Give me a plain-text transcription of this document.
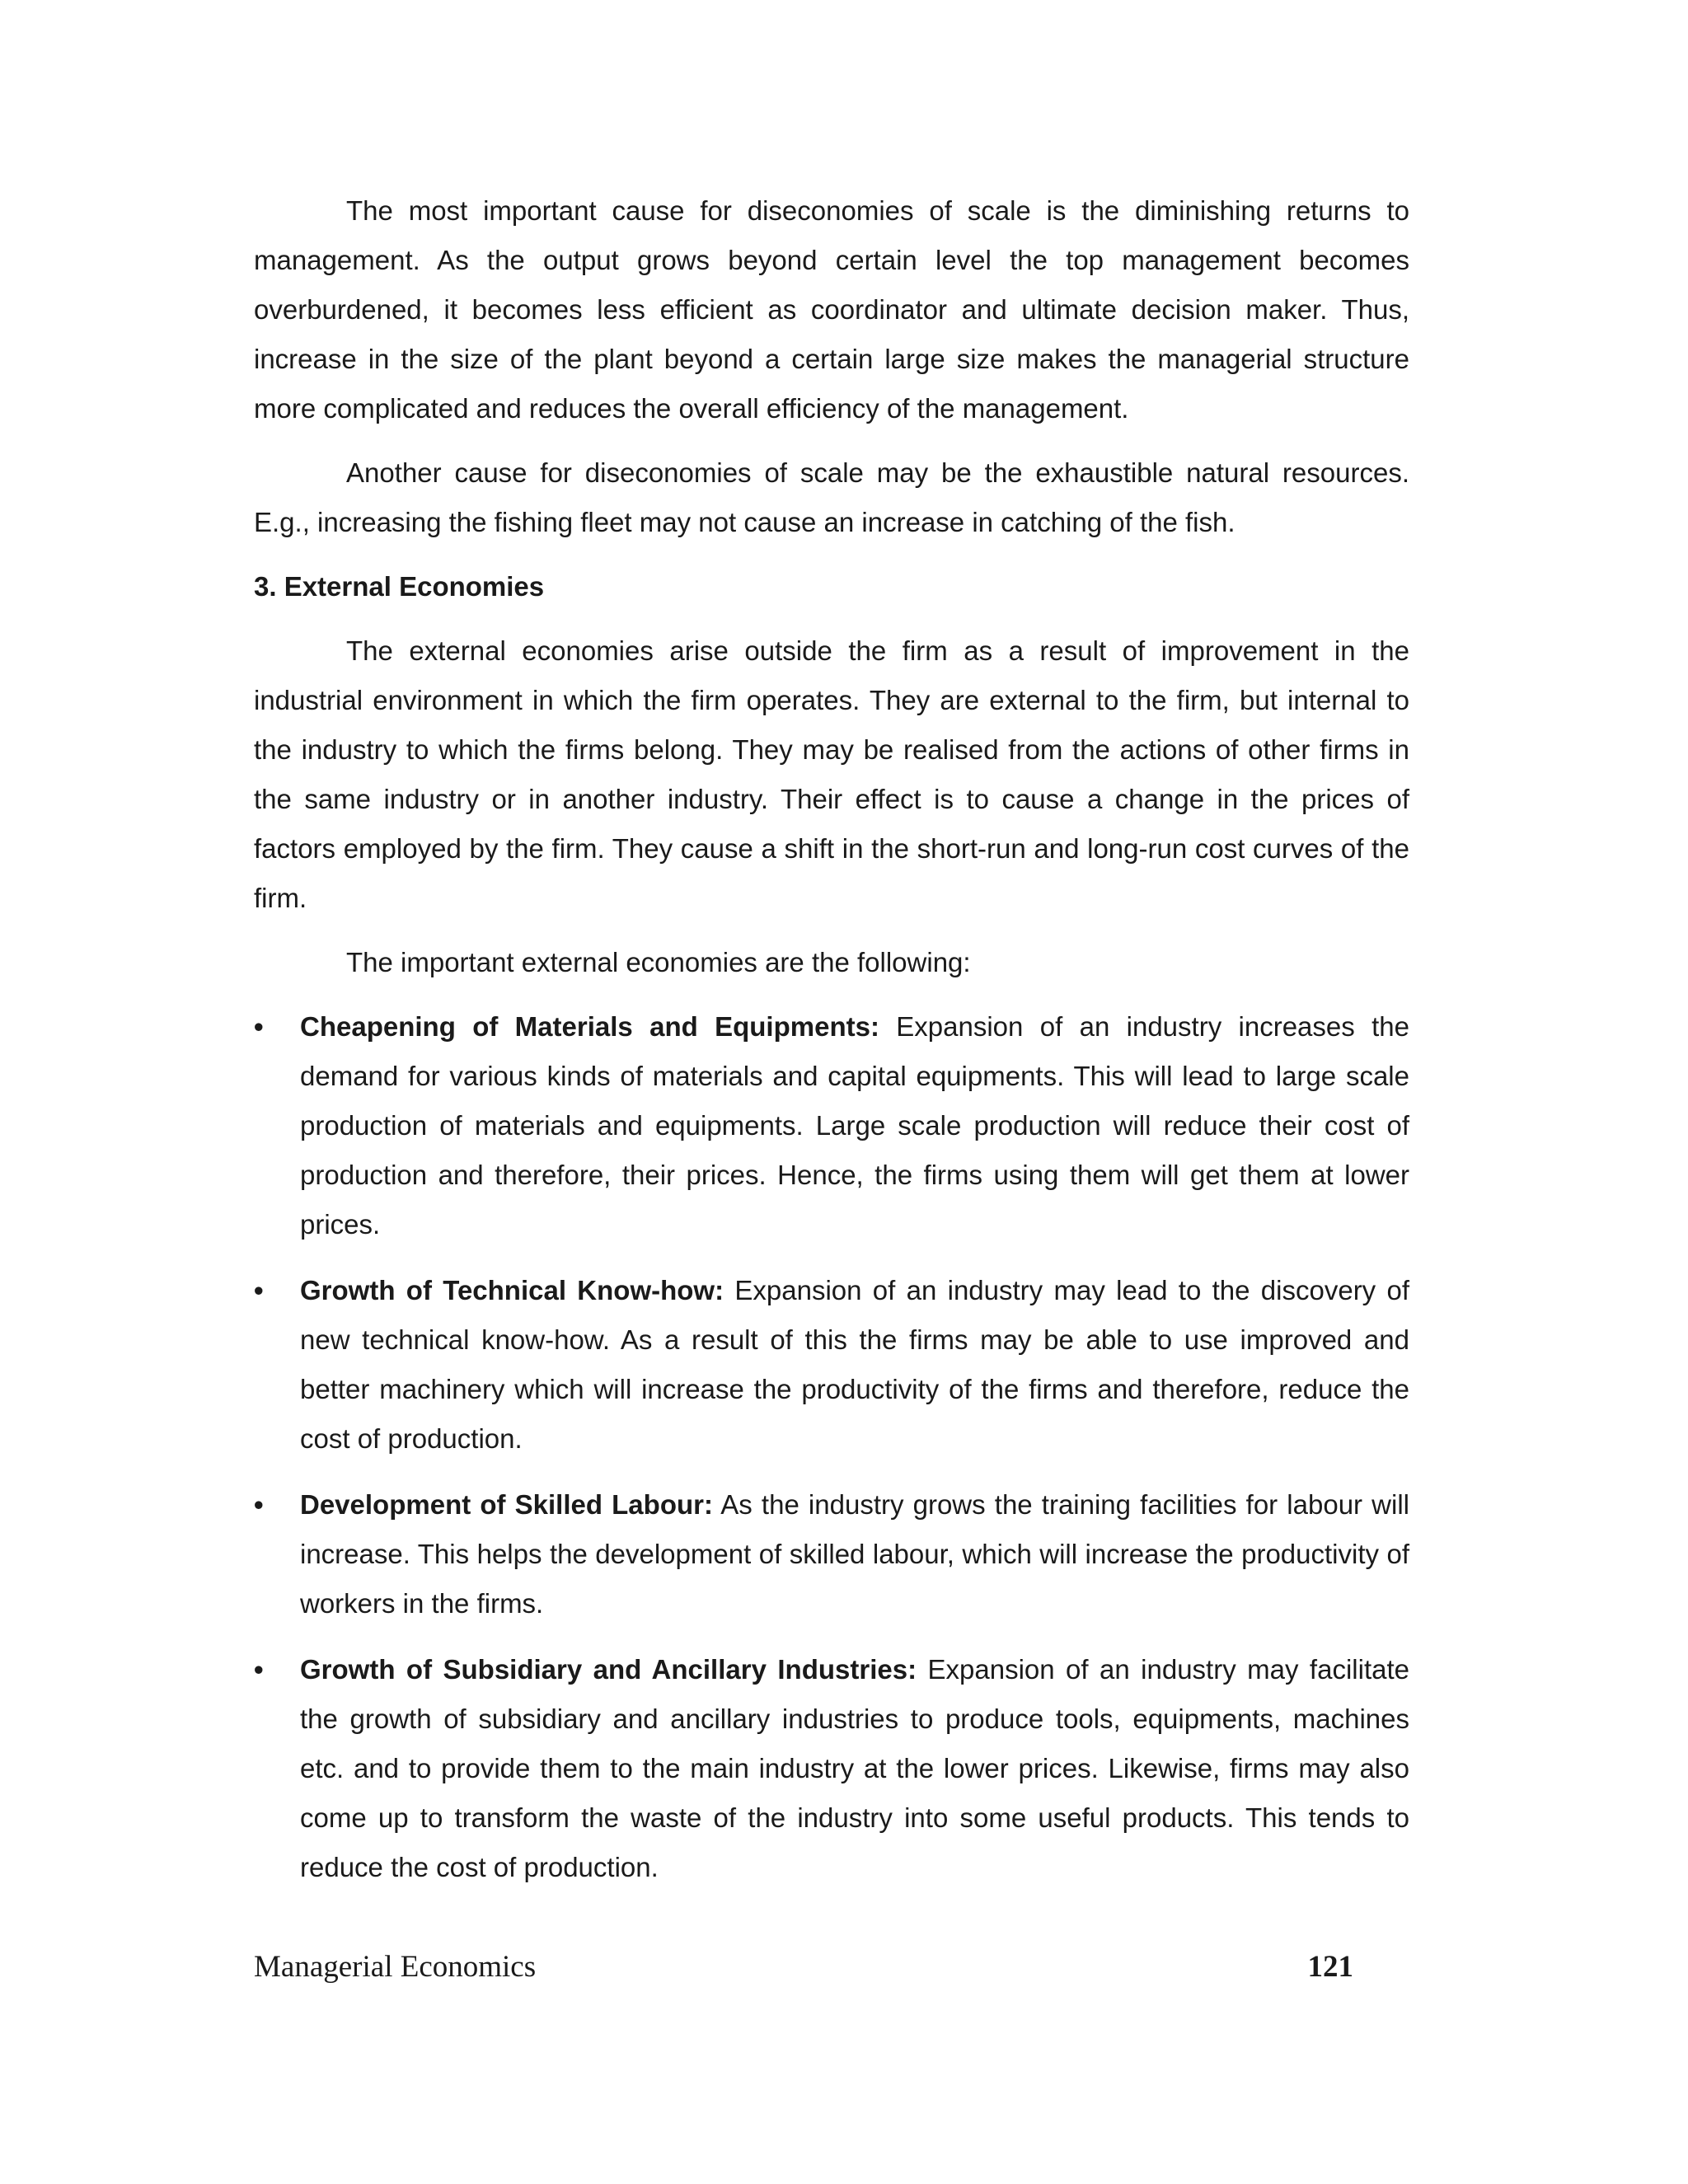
The most important cause for diseconomies of scale is the diminishing returns to management. As the output grows beyond certain level the top management becomes overburdened, it becomes less efficient as coordinator and ultimate decision maker. Thus, increase in the size of the plant beyond a certain large size makes the managerial structure more complicated and reduces the overall efficiency of the management.

Another cause for diseconomies of scale may be the exhaustible natural resources. E.g., increasing the fishing fleet may not cause an increase in catching of the fish.

3. External Economies

The external economies arise outside the firm as a result of improvement in the industrial environment in which the firm operates. They are external to the firm, but internal to the industry to which the firms belong. They may be realised from the actions of other firms in the same industry or in another industry. Their effect is to cause a change in the prices of factors employed by the firm. They cause a shift in the short-run and long-run cost curves of the firm.

The important external economies are the following:

•	Cheapening of Materials and Equipments: Expansion of an industry increases the demand for various kinds of materials and capital equipments. This will lead to large scale production of materials and equipments. Large scale production will reduce their cost of production and therefore, their prices. Hence, the firms using them will get them at lower prices.
•	Growth of Technical Know-how: Expansion of an industry may lead to the discovery of new technical know-how. As a result of this the firms may be able to use improved and better machinery which will increase the productivity of the firms and therefore, reduce the cost of production.
•	Development of Skilled Labour: As the industry grows the training facilities for labour will increase. This helps the development of skilled labour, which will increase the productivity of workers in the firms.
•	Growth of Subsidiary and Ancillary Industries: Expansion of an industry may facilitate the growth of subsidiary and ancillary industries to produce tools, equipments, machines etc. and to provide them to the main industry at the lower prices. Likewise, firms may also come up to transform the waste of the industry into some useful products. This tends to reduce the cost of production.
Managerial Economics	121
